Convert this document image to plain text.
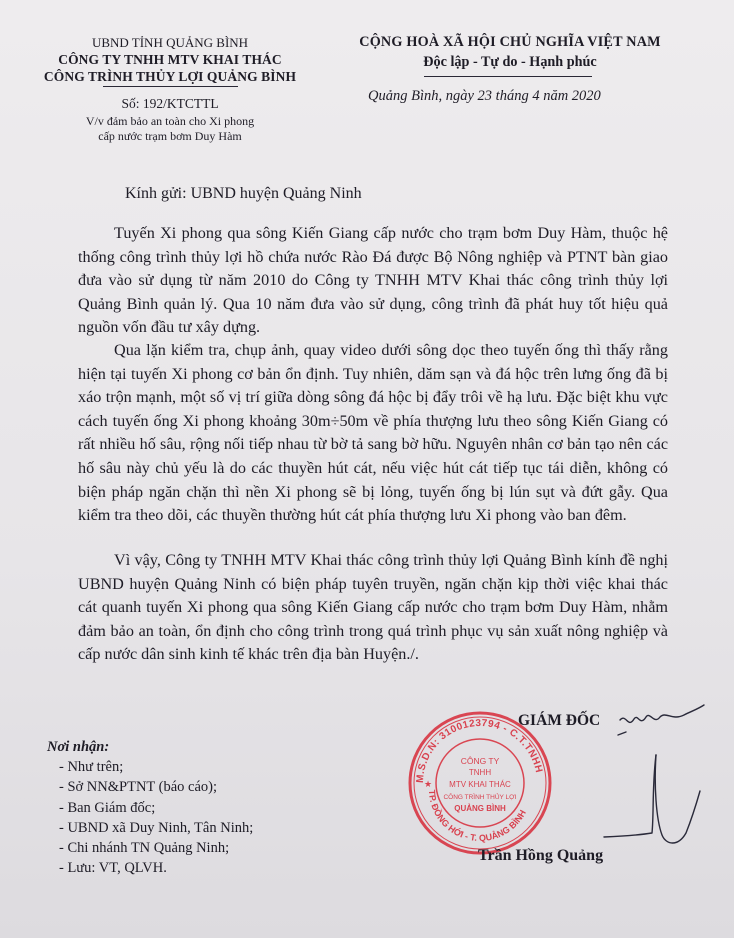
UBND TỈNH QUẢNG BÌNH
CÔNG TY TNHH MTV KHAI THÁC
CÔNG TRÌNH THỦY LỢI QUẢNG BÌNH
Số: 192/KTCTTL
V/v đảm bảo an toàn cho Xi phong
cấp nước trạm bơm Duy Hàm
CỘNG HOÀ XÃ HỘI CHỦ NGHĨA VIỆT NAM
Độc lập - Tự do - Hạnh phúc
Quảng Bình, ngày 23 tháng 4 năm 2020
Kính gửi: UBND huyện Quảng Ninh

Tuyến Xi phong qua sông Kiến Giang cấp nước cho trạm bơm Duy Hàm, thuộc hệ thống công trình thủy lợi hồ chứa nước Rào Đá được Bộ Nông nghiệp và PTNT bàn giao đưa vào sử dụng từ năm 2010 do Công ty TNHH MTV Khai thác công trình thủy lợi Quảng Bình quản lý. Qua 10 năm đưa vào sử dụng, công trình đã phát huy tốt hiệu quả nguồn vốn đầu tư xây dựng.

Qua lặn kiểm tra, chụp ảnh, quay video dưới sông dọc theo tuyến ống thì thấy rằng hiện tại tuyến Xi phong cơ bản ổn định. Tuy nhiên, dăm sạn và đá hộc trên lưng ống đã bị xáo trộn mạnh, một số vị trí giữa dòng sông đá hộc bị đẩy trôi về hạ lưu. Đặc biệt khu vực cách tuyến ống Xi phong khoảng 30m÷50m về phía thượng lưu theo sông Kiến Giang có rất nhiều hố sâu, rộng nối tiếp nhau từ bờ tả sang bờ hữu. Nguyên nhân cơ bản tạo nên các hố sâu này chủ yếu là do các thuyền hút cát, nếu việc hút cát tiếp tục tái diễn, không có biện pháp ngăn chặn thì nền Xi phong sẽ bị lỏng, tuyến ống bị lún sụt và đứt gẫy. Qua kiểm tra theo dõi, các thuyền thường hút cát phía thượng lưu Xi phong vào ban đêm.

Vì vậy, Công ty TNHH MTV Khai thác công trình thủy lợi Quảng Bình kính đề nghị UBND huyện Quảng Ninh có biện pháp tuyên truyền, ngăn chặn kịp thời việc khai thác cát quanh tuyến Xi phong qua sông Kiến Giang cấp nước cho trạm bơm Duy Hàm, nhằm đảm bảo an toàn, ổn định cho công trình trong quá trình phục vụ sản xuất nông nghiệp và cấp nước dân sinh kinh tế khác trên địa bàn Huyện./.

Nơi nhận:
- Như trên;
- Sở NN&PTNT (báo cáo);
- Ban Giám đốc;
- UBND xã Duy Ninh, Tân Ninh;
- Chi nhánh TN Quảng Ninh;
- Lưu: VT, QLVH.
M.S.D.N: 3100123794 - C.T.TNHH
TP. ĐỒNG HỚI - T. QUẢNG BÌNH
CÔNG TY
TNHH
MTV KHAI THÁC
CÔNG TRÌNH THỦY LỢI
QUẢNG BÌNH
★
GIÁM ĐỐC
Trần Hồng Quảng
